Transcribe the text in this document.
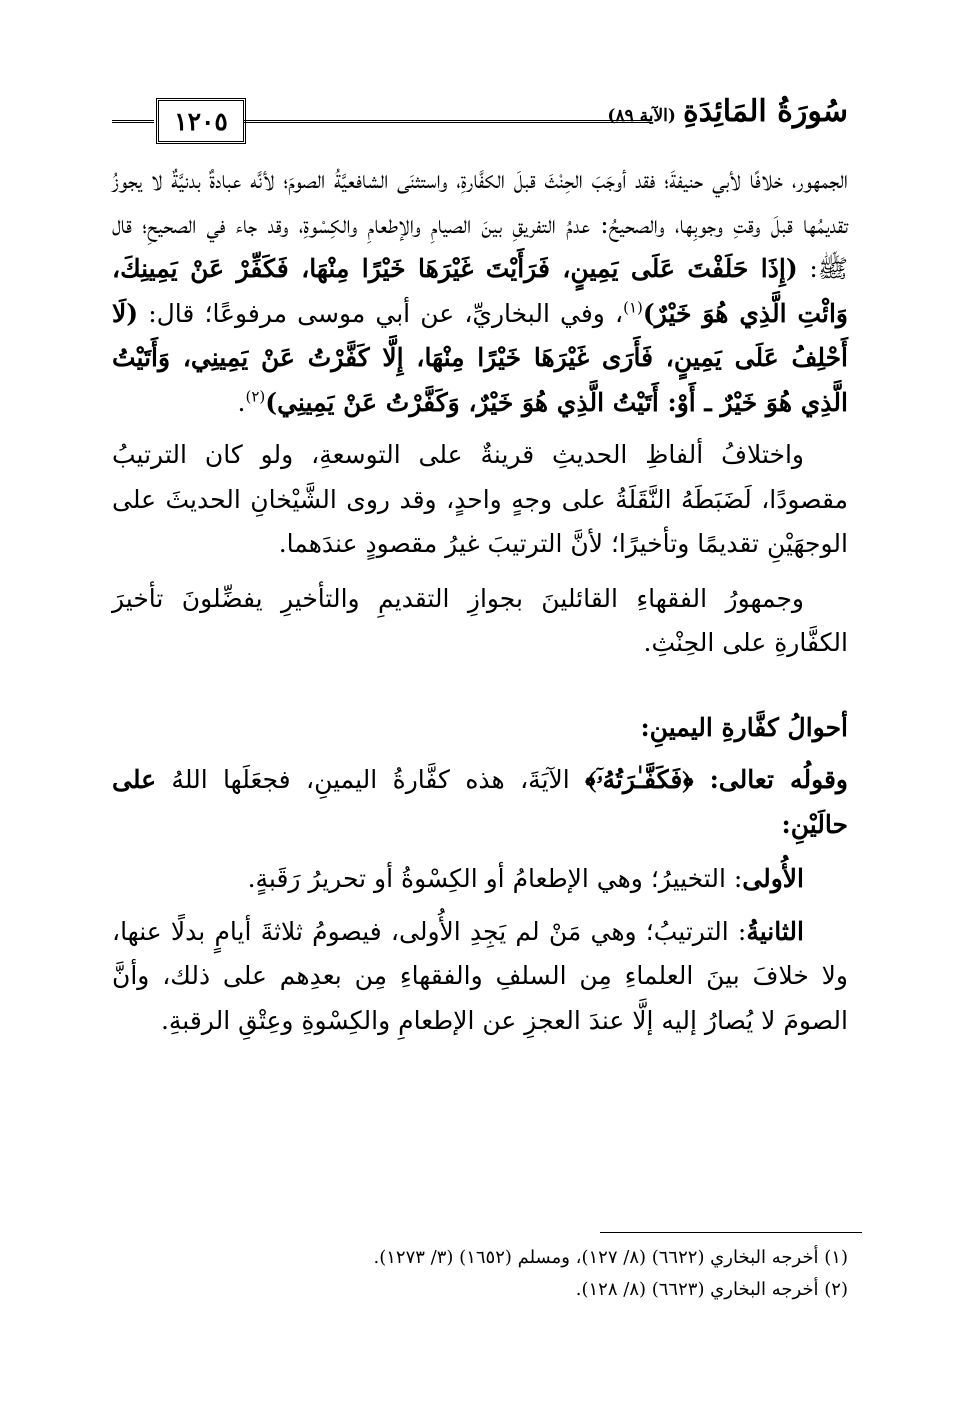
١٢٠٥	سُورَةُ المَائِدَةِ (الآية ٨٩)

الجمهور، خلافًا لأبي حنيفةَ؛ فقد أوجَبَ الحِنْثَ قبلَ الكفَّارةِ، واستثنَى الشافعيَّةُ الصومَ؛ لأنَّه عبادةٌ بدنيَّةٌ لا يجوزُ تقديمُها قبلَ وقتِ وجوبِها، والصحيحُ: عدمُ التفريقِ بينَ الصيامِ والإطعامِ والكِسْوةِ، وقد جاء في الصحيحِ؛ قال ﷺ: (إِذَا حَلَفْتَ عَلَى يَمِينٍ، فَرَأَيْتَ غَيْرَهَا خَيْرًا مِنْهَا، فَكَفِّرْ عَنْ يَمِينِكَ، وَائْتِ الَّذِي هُوَ خَيْرٌ)$^{(١)}$، وفي البخاريِّ، عن أبي موسى مرفوعًا؛ قال: (لَا أَحْلِفُ عَلَى يَمِينٍ، فَأَرَى غَيْرَهَا خَيْرًا مِنْهَا، إِلَّا كَفَّرْتُ عَنْ يَمِينِي، وَأَتَيْتُ الَّذِي هُوَ خَيْرٌ ـ أَوْ: أَتَيْتُ الَّذِي هُوَ خَيْرٌ، وَكَفَّرْتُ عَنْ يَمِينِي)$^{(٢)}$.

واختلافُ ألفاظِ الحديثِ قرينةٌ على التوسعةِ، ولو كان الترتيبُ مقصودًا، لَضَبَطَهُ النَّقَلَةُ على وجهٍ واحدٍ، وقد روى الشَّيْخانِ الحديثَ على الوجهَيْنِ تقديمًا وتأخيرًا؛ لأنَّ الترتيبَ غيرُ مقصودٍ عندَهما.

وجمهورُ الفقهاءِ القائلينَ بجوازِ التقديمِ والتأخيرِ يفضِّلونَ تأخيرَ الكفَّارةِ على الحِنْثِ.

أحوالُ كفَّارةِ اليمينِ:

وقولُه تعالى: ﴿فَكَفَّـٰرَتُهُۥٓ﴾ الآيَةَ، هذه كفَّارةُ اليمينِ، فجعَلَها اللهُ على حالَيْنِ:

الأُولى: التخييرُ؛ وهي الإطعامُ أو الكِسْوةُ أو تحريرُ رَقَبةٍ.

الثانيةُ: الترتيبُ؛ وهي مَنْ لم يَجِدِ الأُولى، فيصومُ ثلاثةَ أيامٍ بدلًا عنها، ولا خلافَ بينَ العلماءِ مِن السلفِ والفقهاءِ مِن بعدِهم على ذلك، وأنَّ الصومَ لا يُصارُ إليه إلَّا عندَ العجزِ عن الإطعامِ والكِسْوةِ وعِتْقِ الرقبةِ.

(١) أخرجه البخاري (٦٦٢٢) (٨/ ١٢٧)، ومسلم (١٦٥٢) (٣/ ١٢٧٣).

(٢) أخرجه البخاري (٦٦٢٣) (٨/ ١٢٨).
